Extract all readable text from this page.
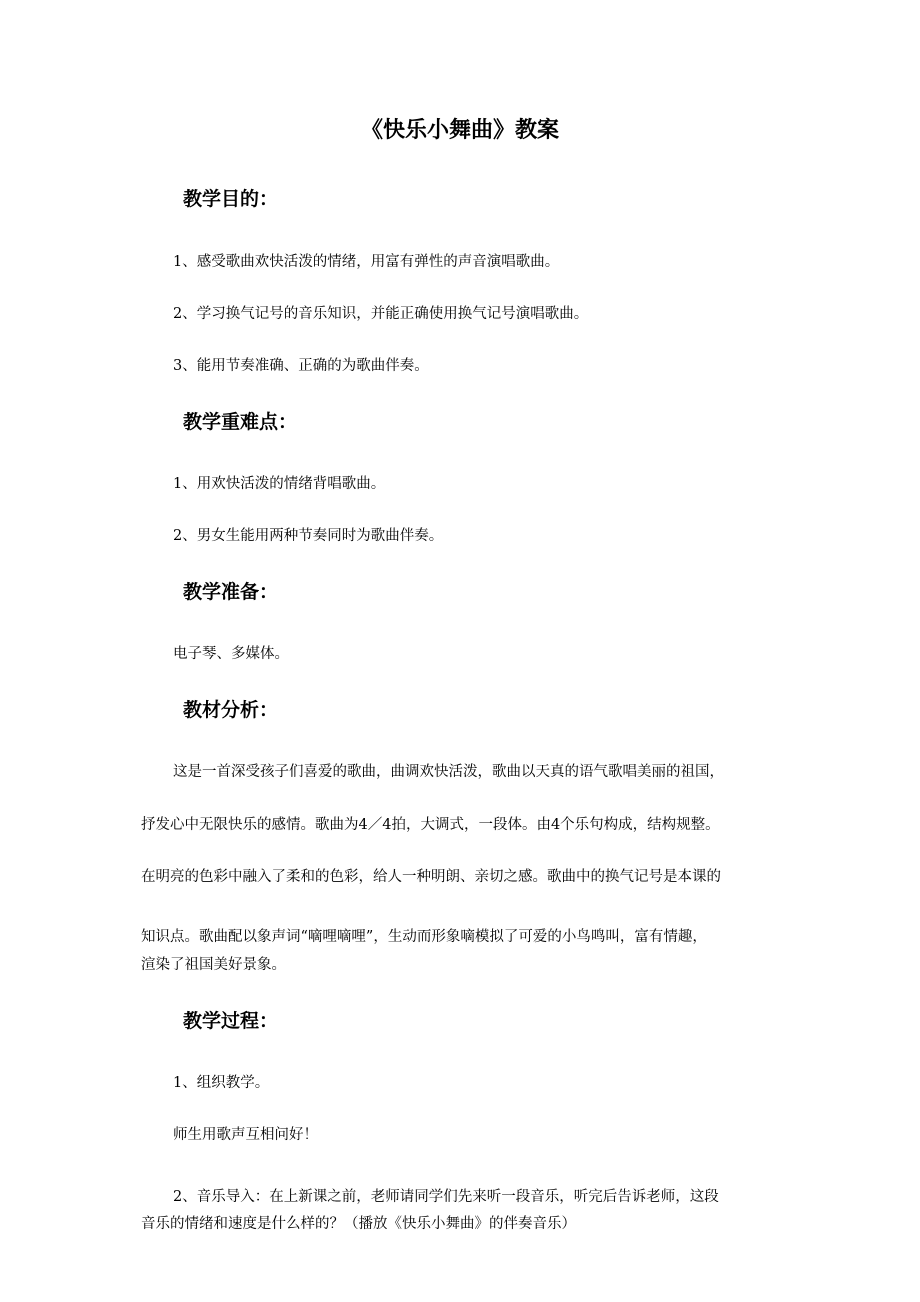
《快乐小舞曲》教案
教学目的：
1、感受歌曲欢快活泼的情绪，用富有弹性的声音演唱歌曲。
2、学习换气记号的音乐知识，并能正确使用换气记号演唱歌曲。
3、能用节奏准确、正确的为歌曲伴奏。
教学重难点：
1、用欢快活泼的情绪背唱歌曲。
2、男女生能用两种节奏同时为歌曲伴奏。
教学准备：
电子琴、多媒体。
教材分析：
这是一首深受孩子们喜爱的歌曲，曲调欢快活泼，歌曲以天真的语气歌唱美丽的祖国，
抒发心中无限快乐的感情。歌曲为4／4拍，大调式，一段体。由4个乐句构成，结构规整。
在明亮的色彩中融入了柔和的色彩，给人一种明朗、亲切之感。歌曲中的换气记号是本课的
知识点。歌曲配以象声词“嘀哩嘀哩”，生动而形象嘀模拟了可爱的小鸟鸣叫，富有情趣，
渲染了祖国美好景象。
教学过程：
1、组织教学。
师生用歌声互相问好！
2、音乐导入：在上新课之前，老师请同学们先来听一段音乐，听完后告诉老师，这段
音乐的情绪和速度是什么样的？（播放《快乐小舞曲》的伴奏音乐）
